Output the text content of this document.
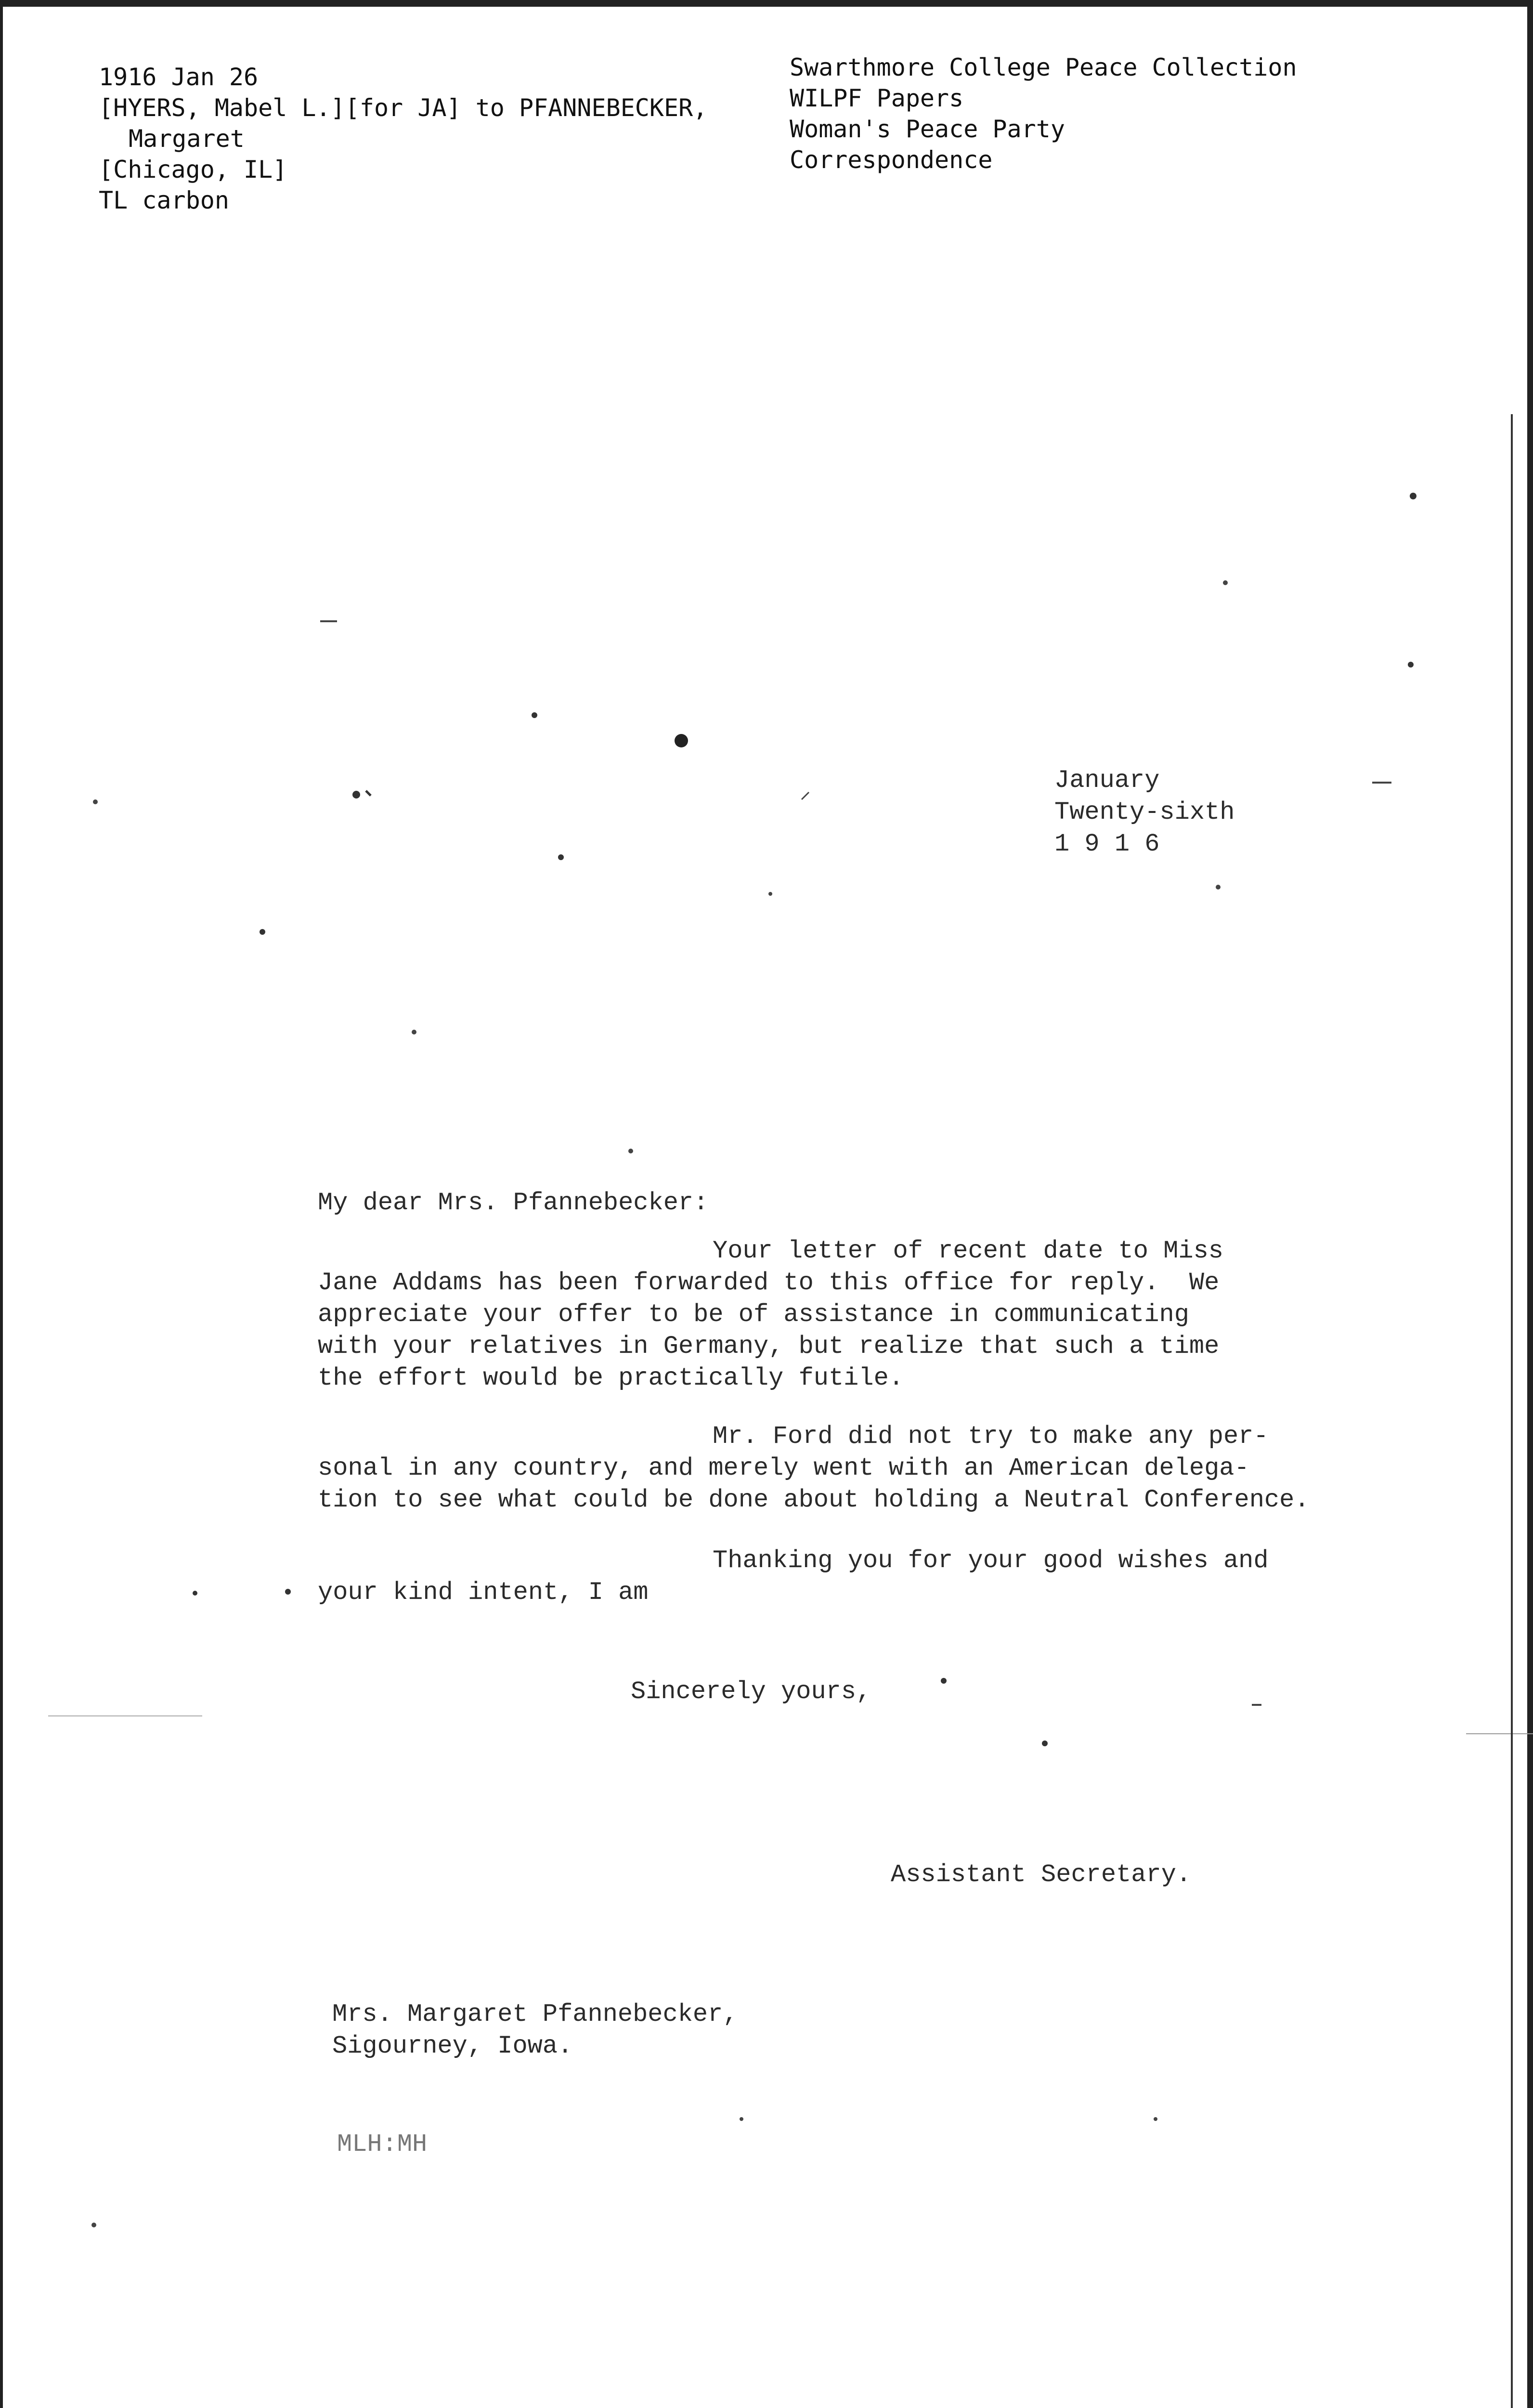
1916 Jan 26
[HYERS, Mabel L.][for JA] to PFANNEBECKER,
Margaret
[Chicago, IL]
TL carbon
Swarthmore College Peace Collection
WILPF Papers
Woman's Peace Party
Correspondence
January
Twenty-sixth
1 9 1 6
My dear Mrs. Pfannebecker:
Your letter of recent date to Miss
Jane Addams has been forwarded to this office for reply.  We
appreciate your offer to be of assistance in communicating
with your relatives in Germany, but realize that such a time
the effort would be practically futile.
Mr. Ford did not try to make any per-
sonal in any country, and merely went with an American delega-
tion to see what could be done about holding a Neutral Conference.
Thanking you for your good wishes and
your kind intent, I am
Sincerely yours,
Assistant Secretary.
Mrs. Margaret Pfannebecker,
Sigourney, Iowa.
MLH:MH
